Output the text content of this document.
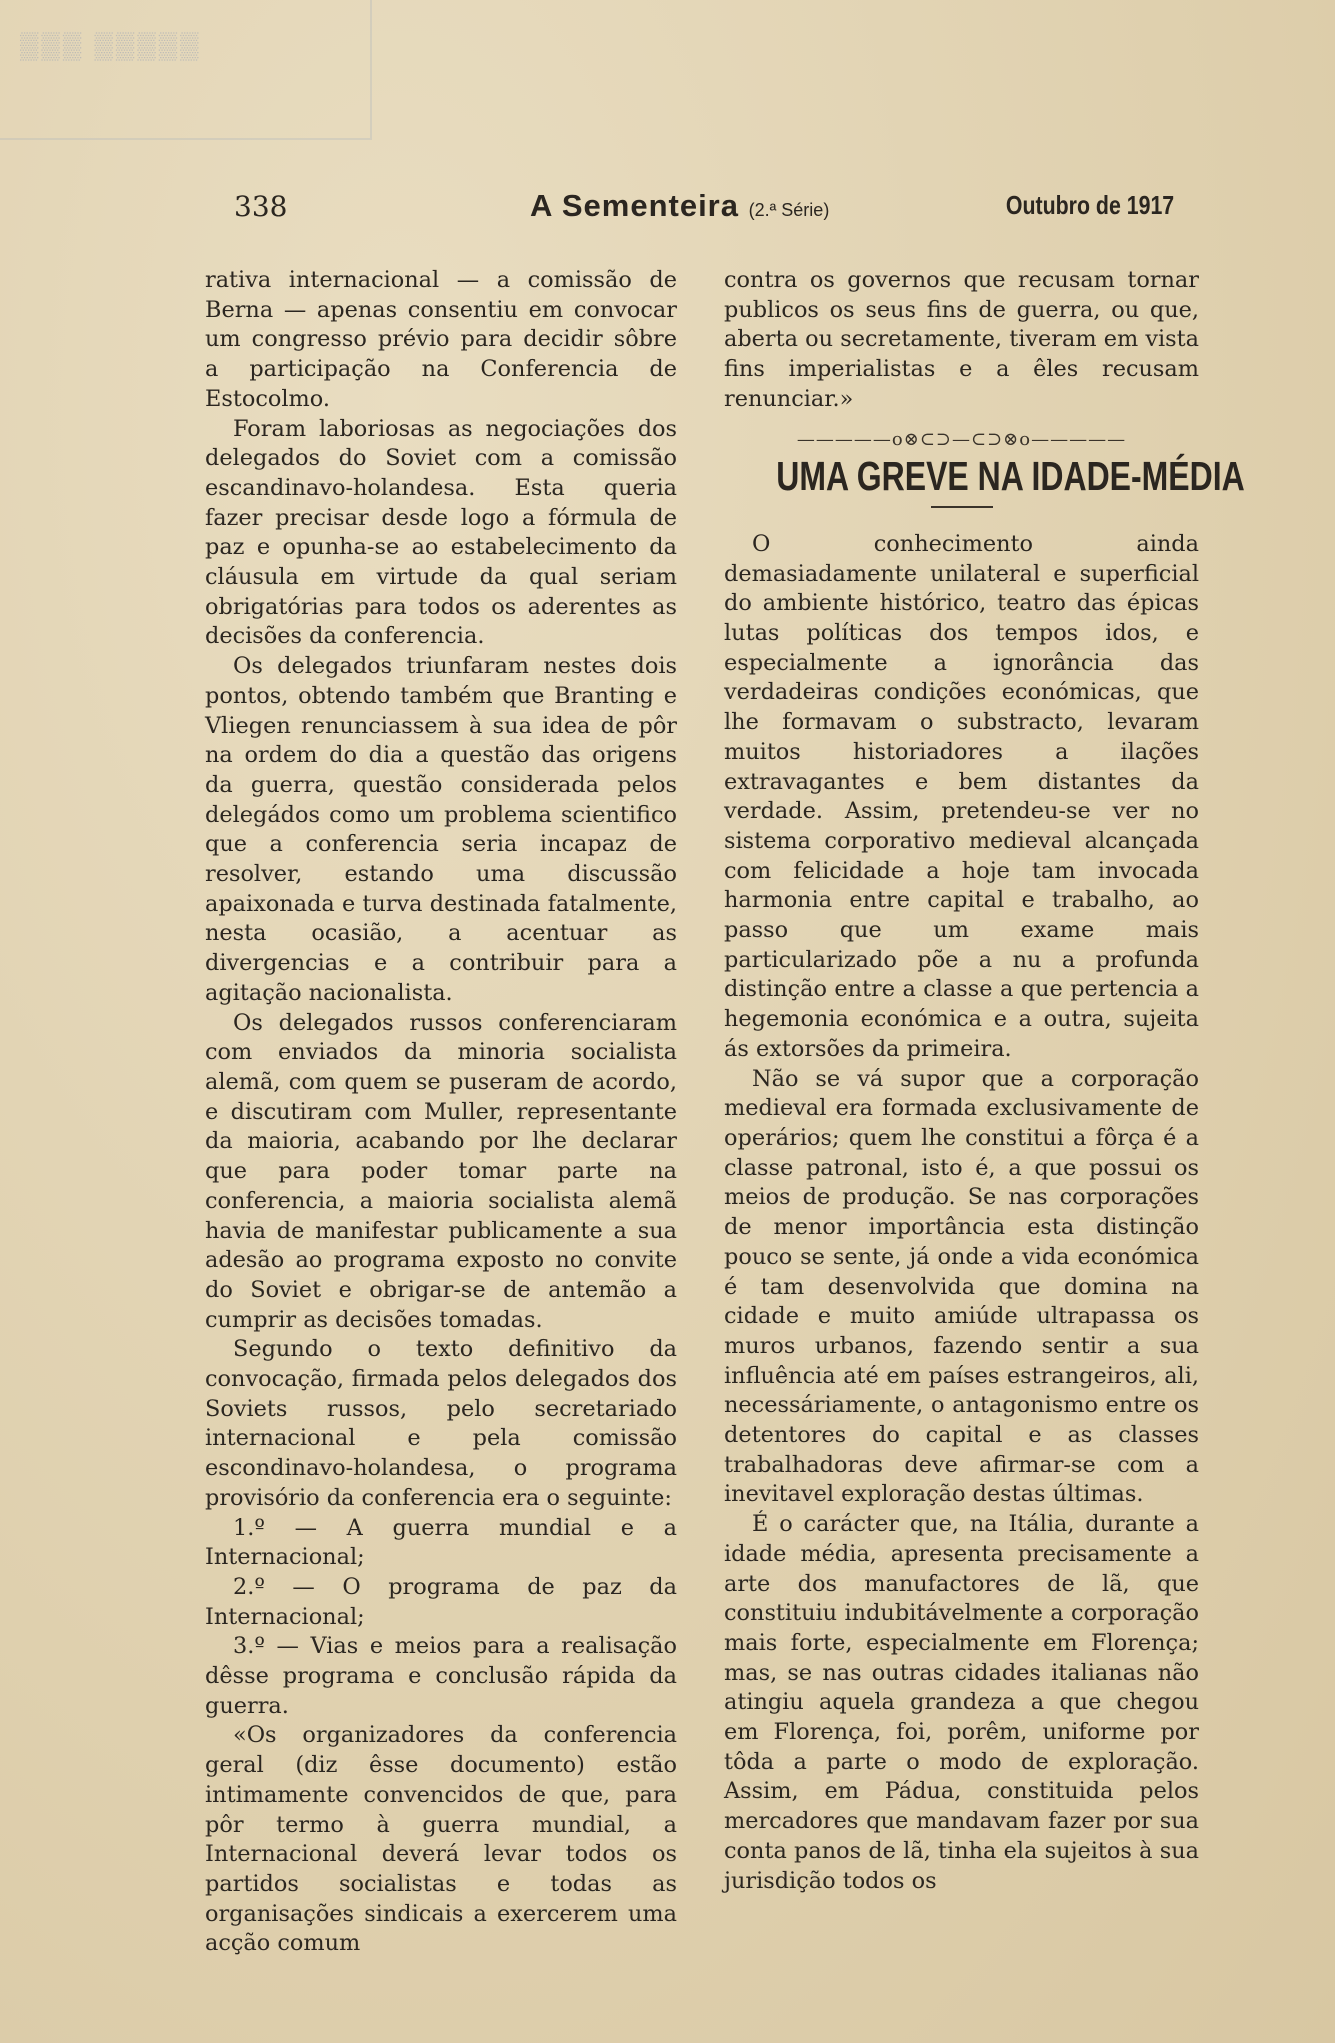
▒▒▒ ▒▒▒▒▒
338	A Sementeira (2.ª Série)	Outubro de 1917

rativa internacional — a comissão de Berna — apenas consentiu em convocar um congresso prévio para decidir sôbre a participação na Conferencia de Estocolmo.

Foram laboriosas as negociações dos delegados do Soviet com a comissão escandinavo-holandesa. Esta queria fazer precisar desde logo a fórmula de paz e opunha-se ao estabelecimento da cláusula em virtude da qual seriam obrigatórias para todos os aderentes as decisões da conferencia.

Os delegados triunfaram nestes dois pontos, obtendo também que Branting e Vliegen renunciassem à sua idea de pôr na ordem do dia a questão das origens da guerra, questão considerada pelos delegádos como um problema scientifico que a conferencia seria incapaz de resolver, estando uma discussão apaixonada e turva destinada fatalmente, nesta ocasião, a acentuar as divergencias e a contribuir para a agitação nacionalista.

Os delegados russos conferenciaram com enviados da minoria socialista alemã, com quem se puseram de acordo, e discutiram com Muller, representante da maioria, acabando por lhe declarar que para poder tomar parte na conferencia, a maioria socialista alemã havia de manifestar publicamente a sua adesão ao programa exposto no convite do Soviet e obrigar-se de antemão a cumprir as decisões tomadas.

Segundo o texto definitivo da convocação, firmada pelos delegados dos Soviets russos, pelo secretariado internacional e pela comissão escondinavo-holandesa, o programa provisório da conferencia era o seguinte:

1.º — A guerra mundial e a Internacional;

2.º — O programa de paz da Internacional;

3.º — Vias e meios para a realisação dêsse programa e conclusão rápida da guerra.

«Os organizadores da conferencia geral (diz êsse documento) estão intimamente convencidos de que, para pôr termo à guerra mundial, a Internacional deverá levar todos os partidos socialistas e todas as organisações sindicais a exercerem uma acção comum

contra os governos que recusam tornar publicos os seus fins de guerra, ou que, aberta ou secretamente, tiveram em vista fins imperialistas e a êles recusam renunciar.»

—————o⊗⊂⊃—⊂⊃⊗o—————
UMA GREVE NA IDADE-MÉDIA

O conhecimento ainda demasiadamente unilateral e superficial do ambiente histórico, teatro das épicas lutas políticas dos tempos idos, e especialmente a ignorância das verdadeiras condições económicas, que lhe formavam o substracto, levaram muitos historiadores a ilações extravagantes e bem distantes da verdade. Assim, pretendeu-se ver no sistema corporativo medieval alcançada com felicidade a hoje tam invocada harmonia entre capital e trabalho, ao passo que um exame mais particularizado põe a nu a profunda distinção entre a classe a que pertencia a hegemonia económica e a outra, sujeita ás extorsões da primeira.

Não se vá supor que a corporação medieval era formada exclusivamente de operários; quem lhe constitui a fôrça é a classe patronal, isto é, a que possui os meios de produção. Se nas corporações de menor importância esta distinção pouco se sente, já onde a vida económica é tam desenvolvida que domina na cidade e muito amiúde ultrapassa os muros urbanos, fazendo sentir a sua influência até em países estrangeiros, ali, necessáriamente, o antagonismo entre os detentores do capital e as classes trabalhadoras deve afirmar-se com a inevitavel exploração destas últimas.

É o carácter que, na Itália, durante a idade média, apresenta precisamente a arte dos manufactores de lã, que constituiu indubitávelmente a corporação mais forte, especialmente em Florença; mas, se nas outras cidades italianas não atingiu aquela grandeza a que chegou em Florença, foi, porêm, uniforme por tôda a parte o modo de exploração. Assim, em Pádua, constituida pelos mercadores que mandavam fazer por sua conta panos de lã, tinha ela sujeitos à sua jurisdição todos os
